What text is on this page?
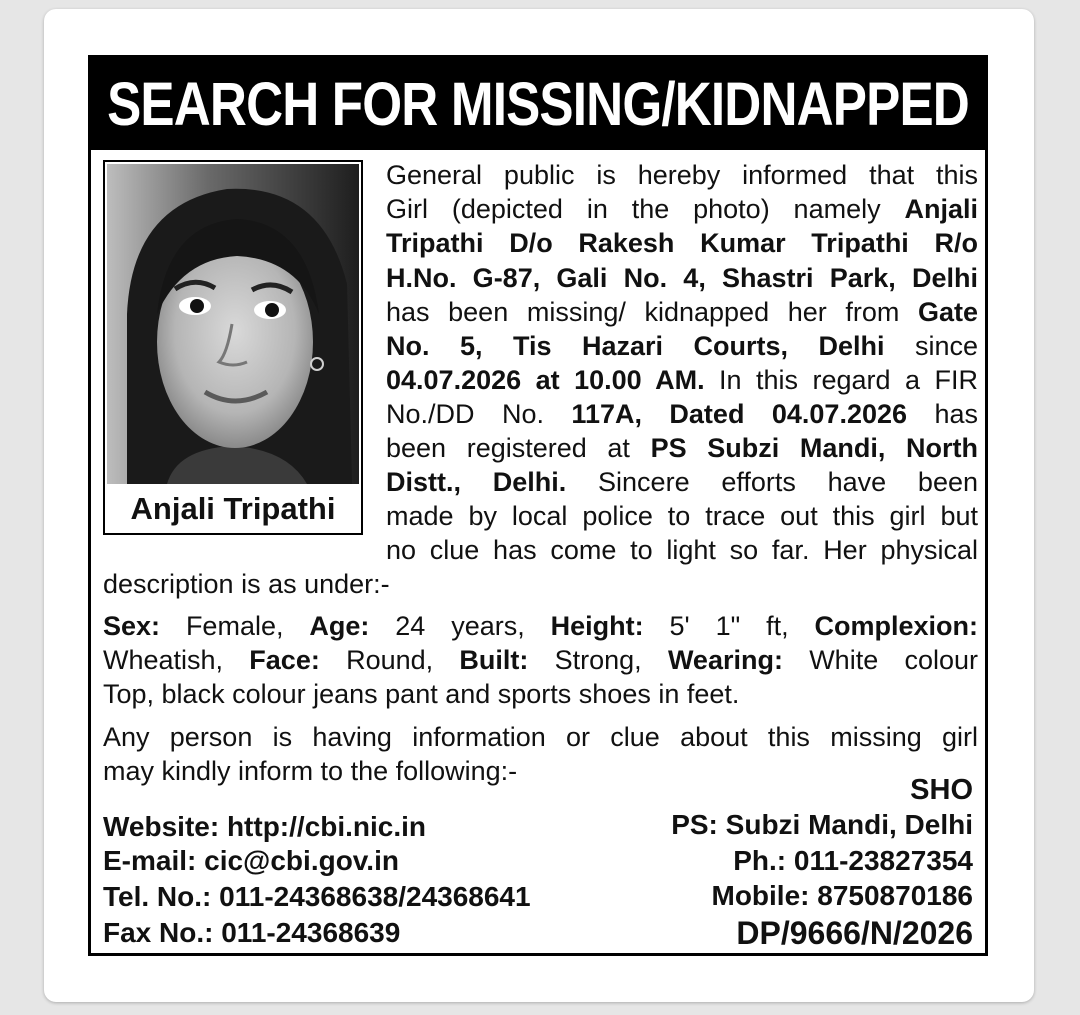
SEARCH FOR MISSING/KIDNAPPED
Anjali Tripathi
General public is hereby informed that this
Girl (depicted in the photo) namely Anjali
Tripathi D/o Rakesh Kumar Tripathi R/o
H.No. G-87, Gali No. 4, Shastri Park, Delhi
has been missing/ kidnapped her from Gate
No. 5, Tis Hazari Courts, Delhi since
04.07.2026 at 10.00 AM. In this regard a FIR
No./DD No. 117A, Dated 04.07.2026 has
been registered at PS Subzi Mandi, North
Distt., Delhi. Sincere efforts have been
made by local police to trace out this girl but
no clue has come to light so far. Her physical
description is as under:-
Sex: Female, Age: 24 years, Height: 5' 1" ft, Complexion:
Wheatish, Face: Round, Built: Strong, Wearing: White colour
Top, black colour jeans pant and sports shoes in feet.
Any person is having information or clue about this missing girl
may kindly inform to the following:-
Website: http://cbi.nic.in
E-mail: cic@cbi.gov.in
Tel. No.: 011-24368638/24368641
Fax No.: 011-24368639
SHO
PS: Subzi Mandi, Delhi
Ph.: 011-23827354
Mobile: 8750870186
DP/9666/N/2026
